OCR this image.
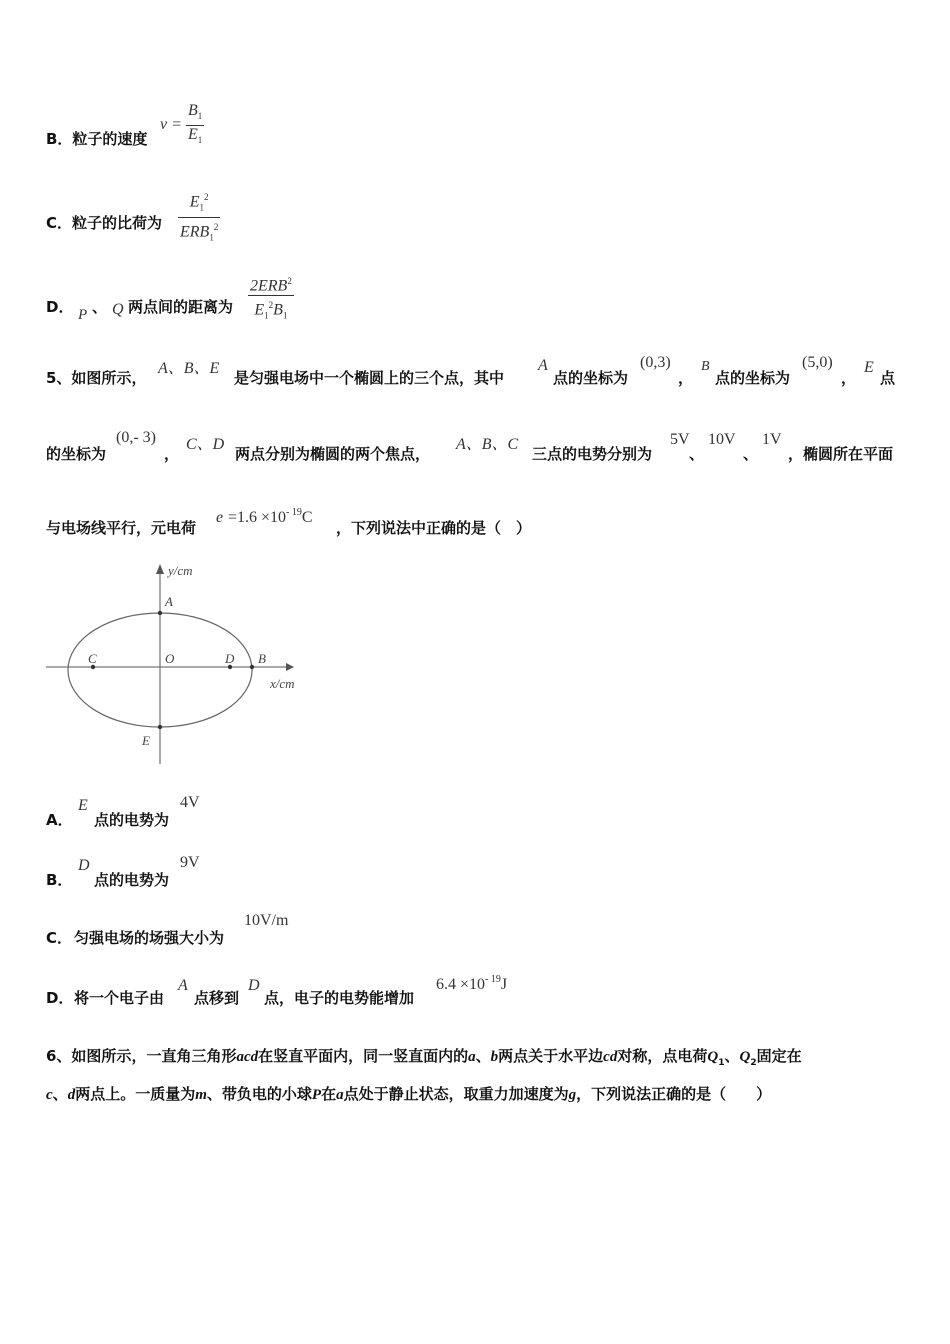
B．粒子的速度
v =
$B_1$
$E_1$
C．粒子的比荷为
$E_1^2$
$ERB_1^2$
D． P 、 Q 两点间的距离为
2ERB$^2$
$E_1^2B_1$
5、如图所示，
A、B、E
是匀强电场中一个椭圆上的三个点，其中
A
点的坐标为
(0,3)
，
B
点的坐标为
(5,0)
，
E
点
的坐标为
(0,- 3)
，
C、D
两点分别为椭圆的两个焦点，
A、B、C
三点的电势分别为
5V
、
10V
、
1V
，椭圆所在平面
与电场线平行，元电荷
$e =1.6 \times 10^{- 19}C$
，下列说法中正确的是（　）
y/cm
x/cm
A
B
C	D
O
E
A．
E
点的电势为
4V
B．
D
点的电势为
9V
C． 匀强电场的场强大小为
10V/m
D． 将一个电子由
A
点移到
D
点，电子的电势能增加
$6.4 \times 10^{- 19}J$
6、如图所示，一直角三角形acd在竖直平面内，同一竖直面内的a、b两点关于水平边cd对称，点电荷$Q_1$、$Q_2$固定在
c、d两点上。一质量为m、带负电的小球P在a点处于静止状态，取重力加速度为g，下列说法正确的是（　　）
